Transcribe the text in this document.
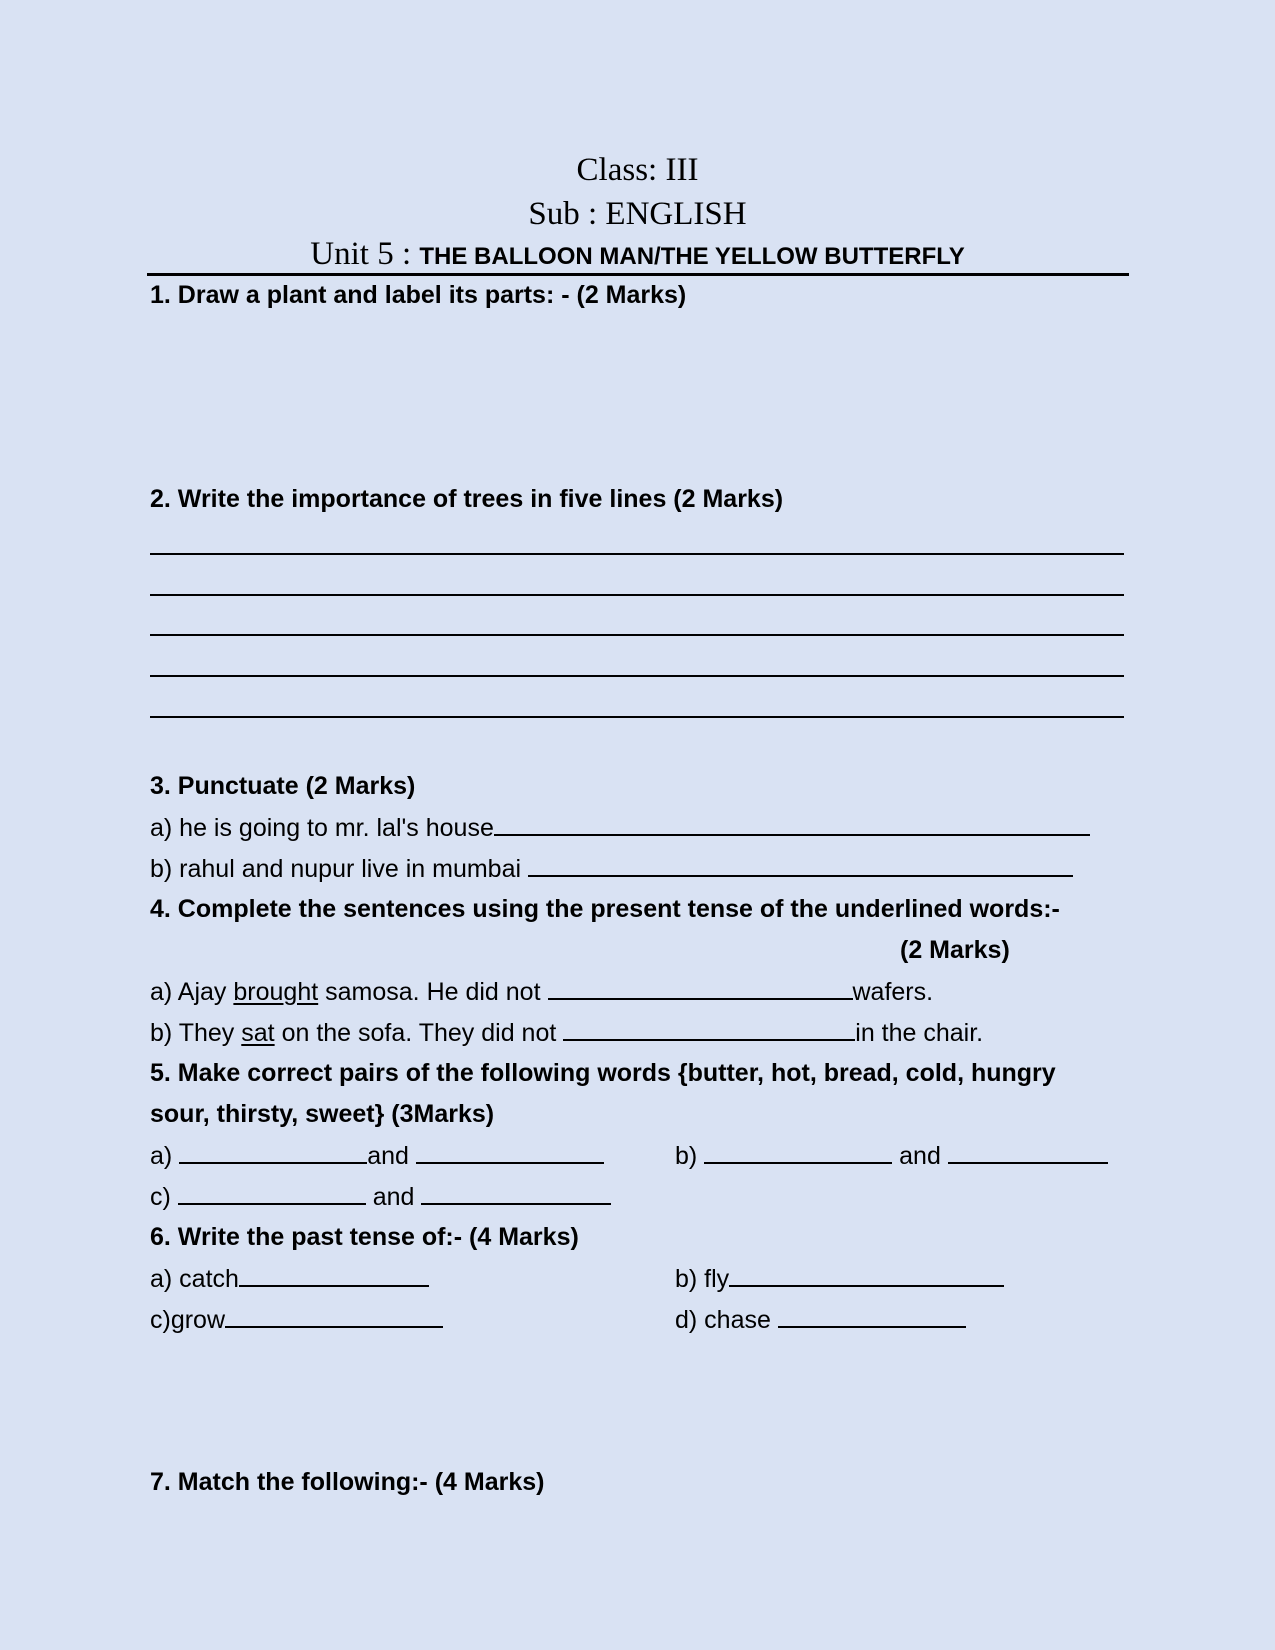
Class: III
Sub : ENGLISH
Unit 5 : THE BALLOON MAN/THE YELLOW BUTTERFLY
1. Draw a plant and label its parts: - (2 Marks)
2. Write the importance of trees in five lines (2 Marks)
3. Punctuate (2 Marks)
a) he is going to mr. lal's house
b) rahul and nupur live in mumbai
4. Complete the sentences using the present tense of the underlined words:-
(2 Marks)
a) Ajay brought samosa. He did not	wafers.
b) They sat on the sofa. They did not	in the chair.
5. Make correct pairs of the following words {butter, hot, bread, cold, hungry
sour, thirsty, sweet} (3Marks)
a)	and	b)	and
c)	and
6. Write the past tense of:- (4 Marks)
a) catch	b) fly
c)grow	d) chase
7. Match the following:- (4 Marks)
